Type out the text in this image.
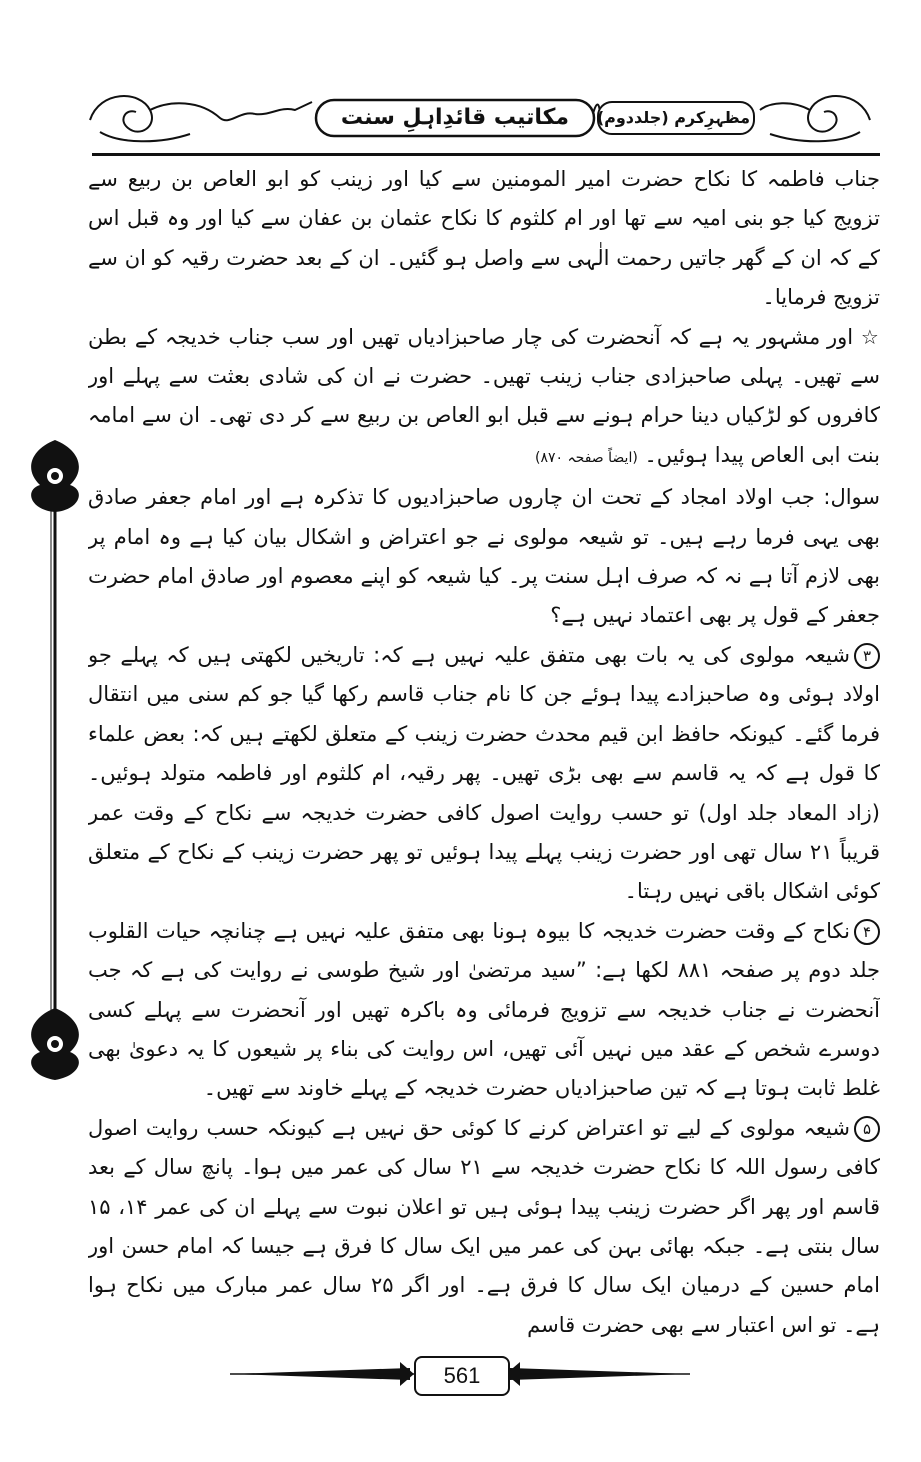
مکاتیب قائدِاہلِ سنت	مظہرِکرم (جلددوم)

جناب فاطمہ کا نکاح حضرت امیر المومنین سے کیا اور زینب کو ابو العاص بن ربیع سے تزویج کیا جو بنی امیہ سے تھا اور ام کلثوم کا نکاح عثمان بن عفان سے کیا اور وہ قبل اس کے کہ ان کے گھر جاتیں رحمت الٰہی سے واصل ہو گئیں۔ ان کے بعد حضرت رقیہ کو ان سے تزویج فرمایا۔

☆ اور مشہور یہ ہے کہ آنحضرت کی چار صاحبزادیاں تھیں اور سب جناب خدیجہ کے بطن سے تھیں۔ پہلی صاحبزادی جناب زینب تھیں۔ حضرت نے ان کی شادی بعثت سے پہلے اور کافروں کو لڑکیاں دینا حرام ہونے سے قبل ابو العاص بن ربیع سے کر دی تھی۔ ان سے امامہ بنت ابی العاص پیدا ہوئیں۔ (ایضاً صفحہ ۸۷۰)

سوال: جب اولاد امجاد کے تحت ان چاروں صاحبزادیوں کا تذکرہ ہے اور امام جعفر صادق بھی یہی فرما رہے ہیں۔ تو شیعہ مولوی نے جو اعتراض و اشکال بیان کیا ہے وہ امام پر بھی لازم آتا ہے نہ کہ صرف اہل سنت پر۔ کیا شیعہ کو اپنے معصوم اور صادق امام حضرت جعفر کے قول پر بھی اعتماد نہیں ہے؟

۳شیعہ مولوی کی یہ بات بھی متفق علیہ نہیں ہے کہ: تاریخیں لکھتی ہیں کہ پہلے جو اولاد ہوئی وہ صاحبزادے پیدا ہوئے جن کا نام جناب قاسم رکھا گیا جو کم سنی میں انتقال فرما گئے۔ کیونکہ حافظ ابن قیم محدث حضرت زینب کے متعلق لکھتے ہیں کہ: بعض علماء کا قول ہے کہ یہ قاسم سے بھی بڑی تھیں۔ پھر رقیہ، ام کلثوم اور فاطمہ متولد ہوئیں۔ (زاد المعاد جلد اول) تو حسب روایت اصول کافی حضرت خدیجہ سے نکاح کے وقت عمر قریباً ۲۱ سال تھی اور حضرت زینب پہلے پیدا ہوئیں تو پھر حضرت زینب کے نکاح کے متعلق کوئی اشکال باقی نہیں رہتا۔

۴نکاح کے وقت حضرت خدیجہ کا بیوہ ہونا بھی متفق علیہ نہیں ہے چنانچہ حیات القلوب جلد دوم پر صفحہ ۸۸۱ لکھا ہے: ”سید مرتضیٰ اور شیخ طوسی نے روایت کی ہے کہ جب آنحضرت نے جناب خدیجہ سے تزویج فرمائی وہ باکرہ تھیں اور آنحضرت سے پہلے کسی دوسرے شخص کے عقد میں نہیں آئی تھیں، اس روایت کی بناء پر شیعوں کا یہ دعویٰ بھی غلط ثابت ہوتا ہے کہ تین صاحبزادیاں حضرت خدیجہ کے پہلے خاوند سے تھیں۔

۵شیعہ مولوی کے لیے تو اعتراض کرنے کا کوئی حق نہیں ہے کیونکہ حسب روایت اصول کافی رسول اللہ کا نکاح حضرت خدیجہ سے ۲۱ سال کی عمر میں ہوا۔ پانچ سال کے بعد قاسم اور پھر اگر حضرت زینب پیدا ہوئی ہیں تو اعلان نبوت سے پہلے ان کی عمر ۱۴، ۱۵ سال بنتی ہے۔ جبکہ بھائی بہن کی عمر میں ایک سال کا فرق ہے جیسا کہ امام حسن اور امام حسین کے درمیان ایک سال کا فرق ہے۔ اور اگر ۲۵ سال عمر مبارک میں نکاح ہوا ہے۔ تو اس اعتبار سے بھی حضرت قاسم

561
